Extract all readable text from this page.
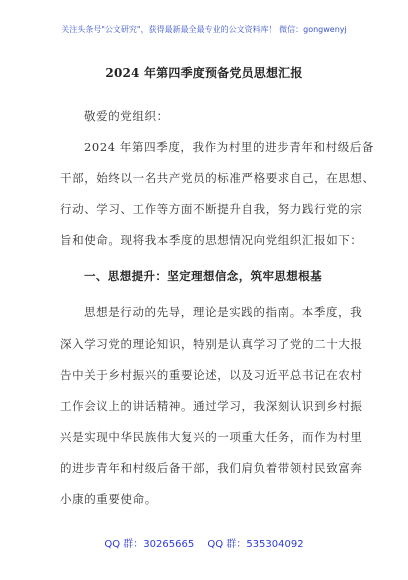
关注头条号"公文研究"，获得最新最全最专业的公文资料库！ 微信：gongwenyj
2024 年第四季度预备党员思想汇报
敬爱的党组织：
2024 年第四季度，我作为村里的进步青年和村级后备
干部，始终以一名共产党员的标准严格要求自己，在思想、
行动、学习、工作等方面不断提升自我，努力践行党的宗
旨和使命。现将我本季度的思想情况向党组织汇报如下：
一、思想提升：坚定理想信念，筑牢思想根基
思想是行动的先导，理论是实践的指南。本季度，我
深入学习党的理论知识，特别是认真学习了党的二十大报
告中关于乡村振兴的重要论述，以及习近平总书记在农村
工作会议上的讲话精神。通过学习，我深刻认识到乡村振
兴是实现中华民族伟大复兴的一项重大任务，而作为村里
的进步青年和村级后备干部，我们肩负着带领村民致富奔
小康的重要使命。
QQ 群：30265665 QQ 群：535304092
